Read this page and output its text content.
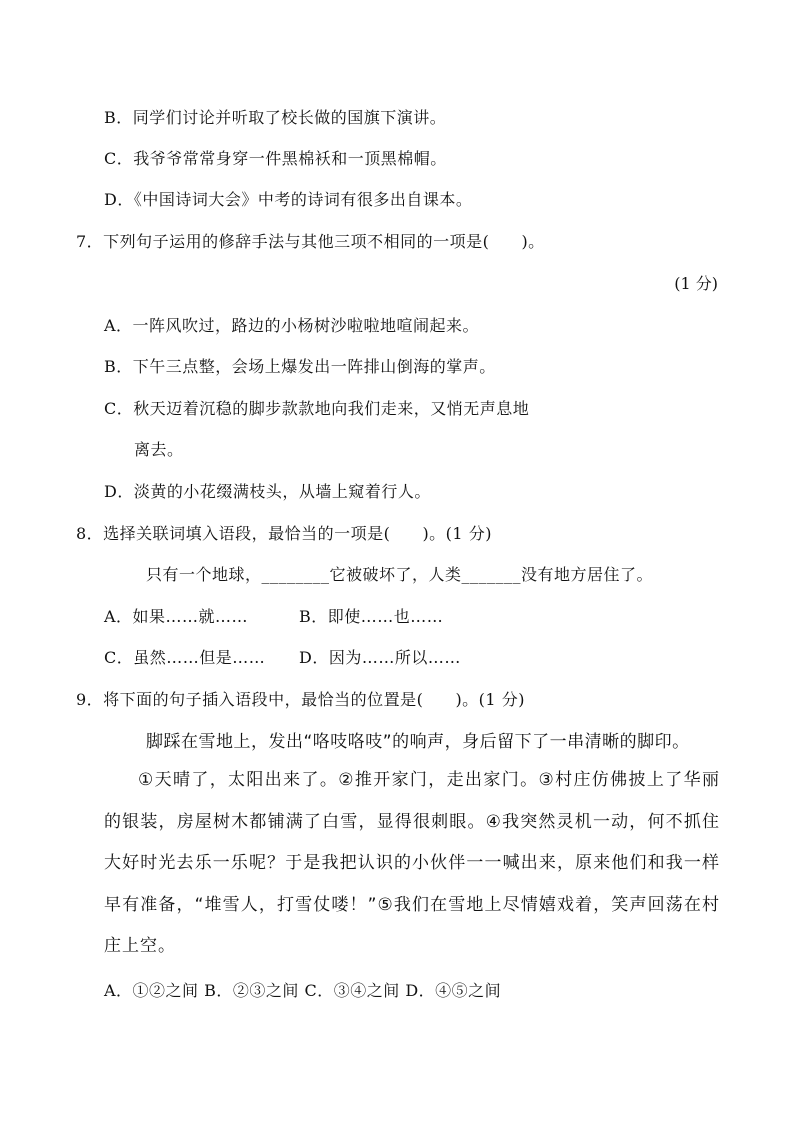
B．同学们讨论并听取了校长做的国旗下演讲。
C．我爷爷常常身穿一件黑棉袄和一顶黑棉帽。
D．《中国诗词大会》中考的诗词有很多出自课本。
7．下列句子运用的修辞手法与其他三项不相同的一项是( )。
(1 分)
A．一阵风吹过，路边的小杨树沙啦啦地喧闹起来。
B．下午三点整，会场上爆发出一阵排山倒海的掌声。
C．秋天迈着沉稳的脚步款款地向我们走来，又悄无声息地
离去。
D．淡黄的小花缀满枝头，从墙上窥着行人。
8．选择关联词填入语段，最恰当的一项是( )。(1 分)
只有一个地球，________它被破坏了，人类_______没有地方居住了。
A．如果……就……	B．即使……也……
C．虽然……但是…… D．因为……所以……
9．将下面的句子插入语段中，最恰当的位置是( )。(1 分)
脚踩在雪地上，发出“咯吱咯吱”的响声，身后留下了一串清晰的脚印。
①天晴了，太阳出来了。②推开家门，走出家门。③村庄仿佛披上了华丽的银装，房屋树木都铺满了白雪，显得很刺眼。④我突然灵机一动，何不抓住大好时光去乐一乐呢？于是我把认识的小伙伴一一喊出来，原来他们和我一样早有准备，“堆雪人，打雪仗喽！”⑤我们在雪地上尽情嬉戏着，笑声回荡在村庄上空。
A．①②之间 B．②③之间 C．③④之间 D．④⑤之间
